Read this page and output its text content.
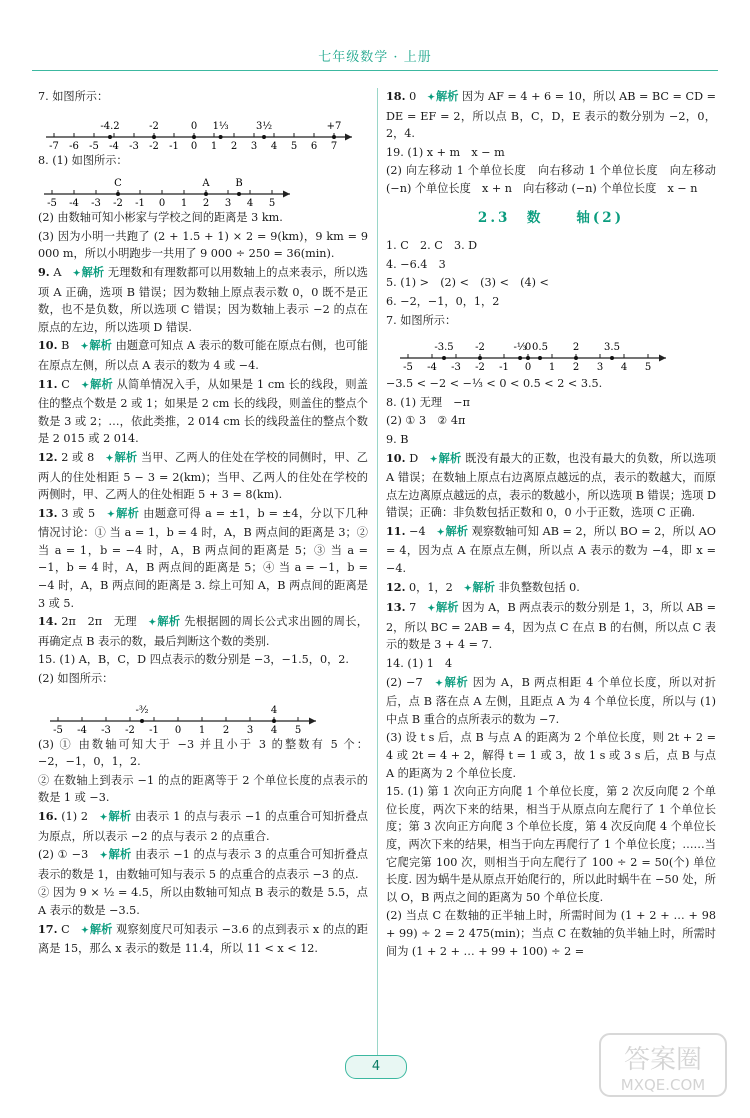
七年级数学 · 上册
7. 如图所示：
-7 -6 -5 -4 -3 -2 -1 0 1 2 3 4 5 6 7
-4.2	-2	0 1⅓	3½	+7
8. (1) 如图所示：
-5 -4 -3 -2 -1 0 1 2 3 4 5
C	A	B
(2) 由数轴可知小彬家与学校之间的距离是 3 km.
(3) 因为小明一共跑了 (2 + 1.5 + 1) × 2 = 9(km)，9 km = 9 000 m，所以小明跑步一共用了 9 000 ÷ 250 = 36(min).
9. A　 ✦ 解析 无理数和有理数都可以用数轴上的点来表示，所以选项 A 正确，选项 B 错误；因为数轴上原点表示数 0，0 既不是正数，也不是负数，所以选项 C 错误；因为数轴上表示 −2 的点在原点的左边，所以选项 D 错误.
10. B　 ✦ 解析 由题意可知点 A 表示的数可能在原点右侧，也可能在原点左侧，所以点 A 表示的数为 4 或 −4.
11. C　 ✦ 解析 从简单情况入手，从如果是 1 cm 长的线段，则盖住的整点个数是 2 或 1；如果是 2 cm 长的线段，则盖住的整点个数是 3 或 2；…，依此类推，2 014 cm 长的线段盖住的整点个数是 2 015 或 2 014.
12. 2 或 8　 ✦ 解析 当甲、乙两人的住处在学校的同侧时，甲、乙两人的住处相距 5 − 3 = 2(km)；当甲、乙两人的住处在学校的两侧时，甲、乙两人的住处相距 5 + 3 = 8(km).
13. 3 或 5　 ✦ 解析 由题意可得 a = ±1，b = ±4，分以下几种情况讨论：① 当 a = 1，b = 4 时，A，B 两点间的距离是 3；② 当 a = 1，b = −4 时，A，B 两点间的距离是 5；③ 当 a = −1，b = 4 时，A，B 两点间的距离是 5；④ 当 a = −1，b = −4 时，A，B 两点间的距离是 3. 综上可知 A，B 两点间的距离是 3 或 5.
14. 2π　2π　无理　 ✦ 解析 先根据圆的周长公式求出圆的周长，再确定点 B 表示的数，最后判断这个数的类别.
15. (1) A，B，C，D 四点表示的数分别是 −3，−1.5，0，2.
(2) 如图所示：
-5 -4 -3 -2 -1 0 1 2 3 4 5
-³⁄₂	4
(3) ① 由数轴可知大于 −3 并且小于 3 的整数有 5 个：−2，−1，0，1，2.
② 在数轴上到表示 −1 的点的距离等于 2 个单位长度的点表示的数是 1 或 −3.
16. (1) 2　 ✦ 解析 由表示 1 的点与表示 −1 的点重合可知折叠点为原点，所以表示 −2 的点与表示 2 的点重合.
(2) ① −3　 ✦ 解析 由表示 −1 的点与表示 3 的点重合可知折叠点表示的数是 1，由数轴可知与表示 5 的点重合的点表示 −3 的点.
② 因为 9 × ½ = 4.5，所以由数轴可知点 B 表示的数是 5.5，点 A 表示的数是 −3.5.
17. C　 ✦ 解析 观察刻度尺可知表示 −3.6 的点到表示 x 的点的距离是 15，那么 x 表示的数是 11.4，所以 11 < x < 12.
18. 0　 ✦ 解析 因为 AF = 4 + 6 = 10，所以 AB = BC = CD = DE = EF = 2，所以点 B，C，D，E 表示的数分别为 −2，0，2，4.
19. (1) x + m　x − m
(2) 向左移动 1 个单位长度　向右移动 1 个单位长度　向左移动 (−n) 个单位长度　x + n　向右移动 (−n) 个单位长度　x − n
2.3　数　　轴(2)
1. C　2. C　3. D
4. −6.4　3
5. (1) >　(2) <　(3) <　(4) <
6. −2，−1，0，1，2
7. 如图所示：
-5 -4 -3 -2 -1 0 1 2 3 4 5
-3.5 -2	-⅓
0 0.5 2 3.5
−3.5 < −2 < −⅓ < 0 < 0.5 < 2 < 3.5.
8. (1) 无理　−π
(2) ① 3　② 4π
9. B
10. D　 ✦ 解析 既没有最大的正数，也没有最大的负数，所以选项 A 错误；在数轴上原点右边离原点越远的点，表示的数越大，而原点左边离原点越远的点，表示的数越小，所以选项 B 错误；选项 D 错误；正确：非负数包括正数和 0，0 小于正数，选项 C 正确.
11. −4　 ✦ 解析 观察数轴可知 AB = 2，所以 BO = 2，所以 AO = 4，因为点 A 在原点左侧，所以点 A 表示的数为 −4，即 x = −4.
12. 0，1，2　 ✦ 解析 非负整数包括 0.
13. 7　 ✦ 解析 因为 A，B 两点表示的数分别是 1，3，所以 AB = 2，所以 BC = 2AB = 4，因为点 C 在点 B 的右侧，所以点 C 表示的数是 3 + 4 = 7.
14. (1) 1　4
(2) −7　 ✦ 解析 因为 A，B 两点相距 4 个单位长度，所以对折后，点 B 落在点 A 左侧，且距点 A 为 4 个单位长度，所以与 (1) 中点 B 重合的点所表示的数为 −7.
(3) 设 t s 后，点 B 与点 A 的距离为 2 个单位长度，则 2t + 2 = 4 或 2t = 4 + 2，解得 t = 1 或 3，故 1 s 或 3 s 后，点 B 与点 A 的距离为 2 个单位长度.
15. (1) 第 1 次向正方向爬 1 个单位长度，第 2 次反向爬 2 个单位长度，两次下来的结果，相当于从原点向左爬行了 1 个单位长度；第 3 次向正方向爬 3 个单位长度，第 4 次反向爬 4 个单位长度，两次下来的结果，相当于向左再爬行了 1 个单位长度；……当它爬完第 100 次，则相当于向左爬行了 100 ÷ 2 = 50(个) 单位长度. 因为蜗牛是从原点开始爬行的，所以此时蜗牛在 −50 处，所以 O，B 两点之间的距离为 50 个单位长度.
(2) 当点 C 在数轴的正半轴上时，所需时间为 (1 + 2 + … + 98 + 99) ÷ 2 = 2 475(min)；当点 C 在数轴的负半轴上时，所需时间为 (1 + 2 + … + 99 + 100) ÷ 2 =
4	答案圈
MXQE.COM
